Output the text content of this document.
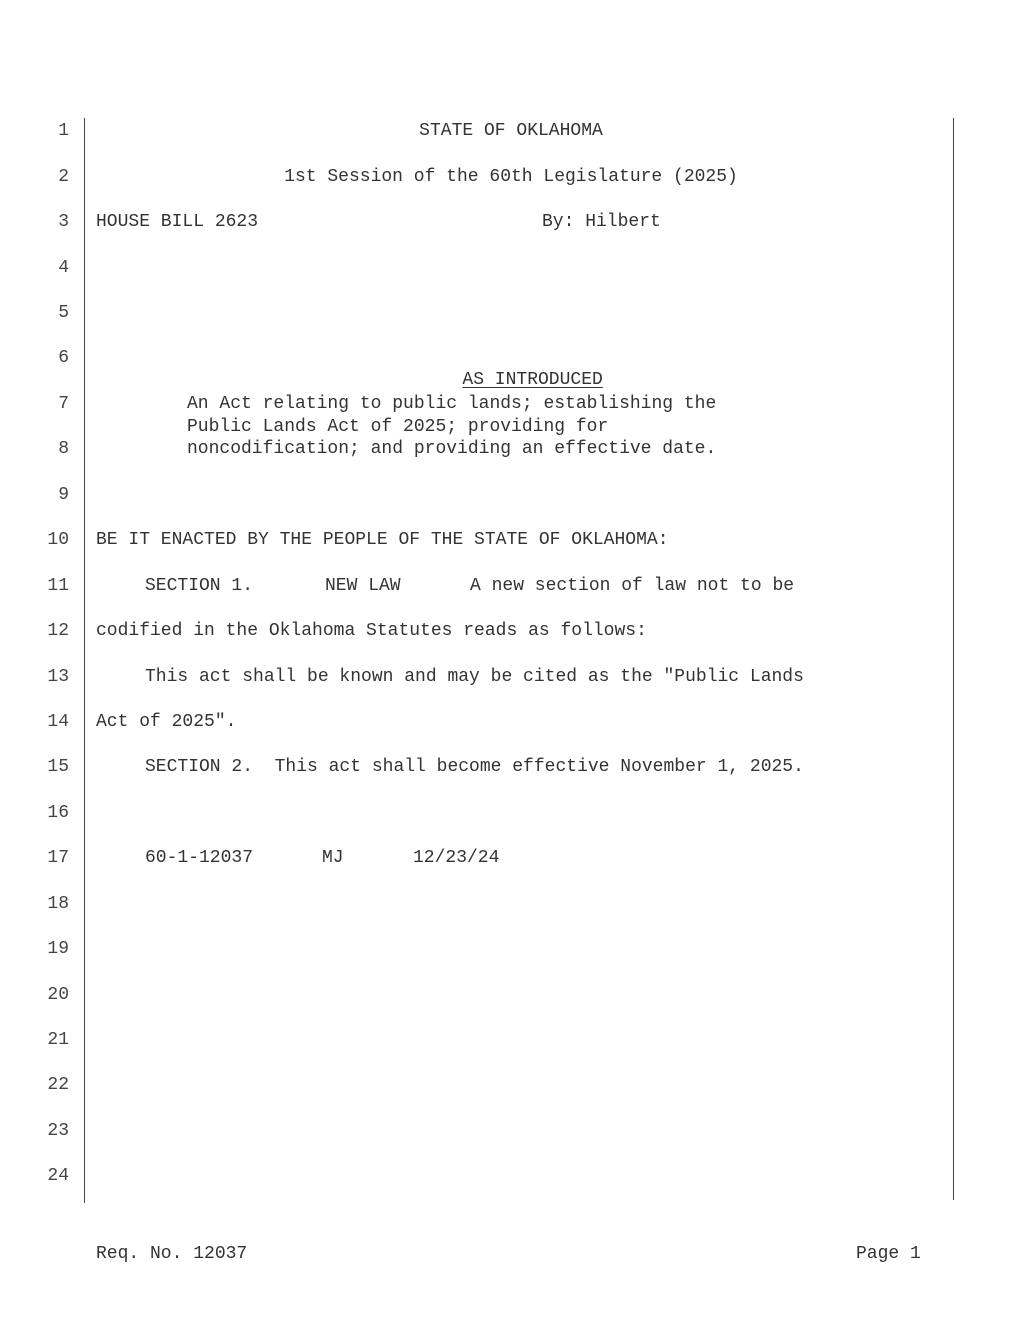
1
2
3
4
5
6
7
8
9
10
11
12
13
14
15
16
17
18
19
20
21
22
23
24
STATE OF OKLAHOMA
1st Session of the 60th Legislature (2025)
HOUSE BILL 2623	By: Hilbert

AS INTRODUCED

An Act relating to public lands; establishing the
Public Lands Act of 2025; providing for
noncodification; and providing an effective date.
BE IT ENACTED BY THE PEOPLE OF THE STATE OF OKLAHOMA:
SECTION 1.	NEW LAW	A new section of law not to be
codified in the Oklahoma Statutes reads as follows:
This act shall be known and may be cited as the "Public Lands
Act of 2025".
SECTION 2.  This act shall become effective November 1, 2025.
60-1-12037	MJ	12/23/24
Req. No. 12037	Page 1
